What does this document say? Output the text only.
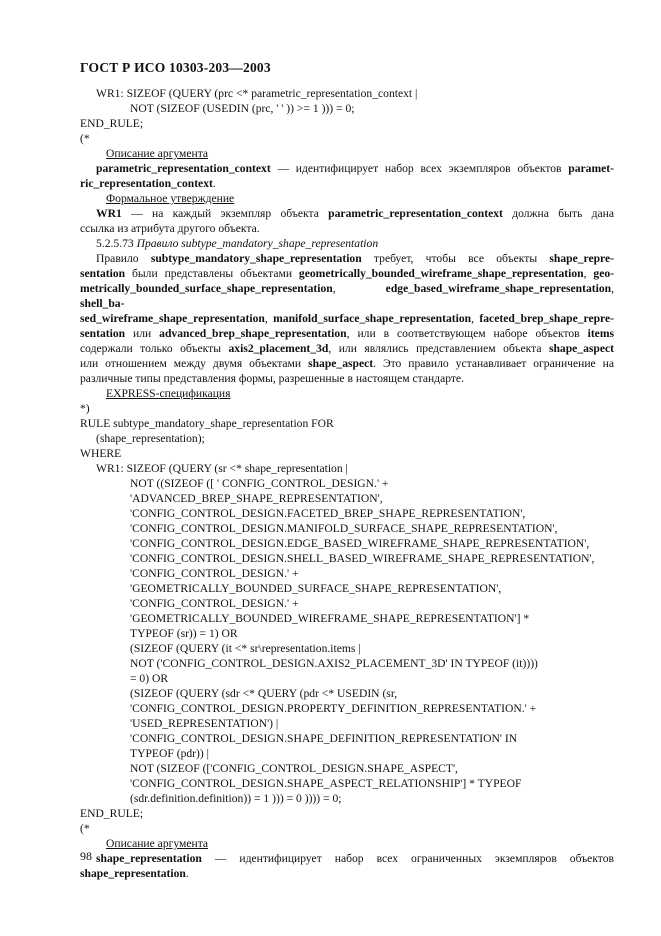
ГОСТ Р ИСО 10303-203—2003
WR1: SIZEOF (QUERY (prc <* parametric_representation_context |
NOT (SIZEOF (USEDIN (prc, ' ' )) >= 1 ))) = 0;
END_RULE;
(*
Описание аргумента
parametric_representation_context — идентифицирует набор всех экземпляров объектов paramet-
ric_representation_context.
Формальное утверждение
WR1 — на каждый экземпляр объекта parametric_representation_context должна быть дана
ссылка из атрибута другого объекта.
5.2.5.73 Правило subtype_mandatory_shape_representation
Правило subtype_mandatory_shape_representation требует, чтобы все объекты shape_repre-
sentation были представлены объектами geometrically_bounded_wireframe_shape_representation, geo-
metrically_bounded_surface_shape_representation, edge_based_wireframe_shape_representation, shell_ba-
sed_wireframe_shape_representation, manifold_surface_shape_representation, faceted_brep_shape_repre-
sentation или advanced_brep_shape_representation, или в соответствующем наборе объектов items
содержали только объекты axis2_placement_3d, или являлись представлением объекта shape_aspect
или отношением между двумя объектами shape_aspect. Это правило устанавливает ограничение на
различные типы представления формы, разрешенные в настоящем стандарте.
EXPRESS-спецификация
*)
RULE subtype_mandatory_shape_representation FOR
(shape_representation);
WHERE
WR1: SIZEOF (QUERY (sr <* shape_representation |
NOT ((SIZEOF ([ ' CONFIG_CONTROL_DESIGN.' +
'ADVANCED_BREP_SHAPE_REPRESENTATION',
'CONFIG_CONTROL_DESIGN.FACETED_BREP_SHAPE_REPRESENTATION',
'CONFIG_CONTROL_DESIGN.MANIFOLD_SURFACE_SHAPE_REPRESENTATION',
'CONFIG_CONTROL_DESIGN.EDGE_BASED_WIREFRAME_SHAPE_REPRESENTATION',
'CONFIG_CONTROL_DESIGN.SHELL_BASED_WIREFRAME_SHAPE_REPRESENTATION',
'CONFIG_CONTROL_DESIGN.' +
'GEOMETRICALLY_BOUNDED_SURFACE_SHAPE_REPRESENTATION',
'CONFIG_CONTROL_DESIGN.' +
'GEOMETRICALLY_BOUNDED_WIREFRAME_SHAPE_REPRESENTATION'] *
TYPEOF (sr)) = 1) OR
(SIZEOF (QUERY (it <* sr\representation.items |
NOT ('CONFIG_CONTROL_DESIGN.AXIS2_PLACEMENT_3D' IN TYPEOF (it))))
= 0) OR
(SIZEOF (QUERY (sdr <* QUERY (pdr <* USEDIN (sr,
'CONFIG_CONTROL_DESIGN.PROPERTY_DEFINITION_REPRESENTATION.' +
'USED_REPRESENTATION') |
'CONFIG_CONTROL_DESIGN.SHAPE_DEFINITION_REPRESENTATION' IN
TYPEOF (pdr)) |
NOT (SIZEOF (['CONFIG_CONTROL_DESIGN.SHAPE_ASPECT',
'CONFIG_CONTROL_DESIGN.SHAPE_ASPECT_RELATIONSHIP'] * TYPEOF
(sdr.definition.definition)) = 1 ))) = 0 )))) = 0;
END_RULE;
(*
Описание аргумента
shape_representation — идентифицирует набор всех ограниченных экземпляров объектов
shape_representation.
98
